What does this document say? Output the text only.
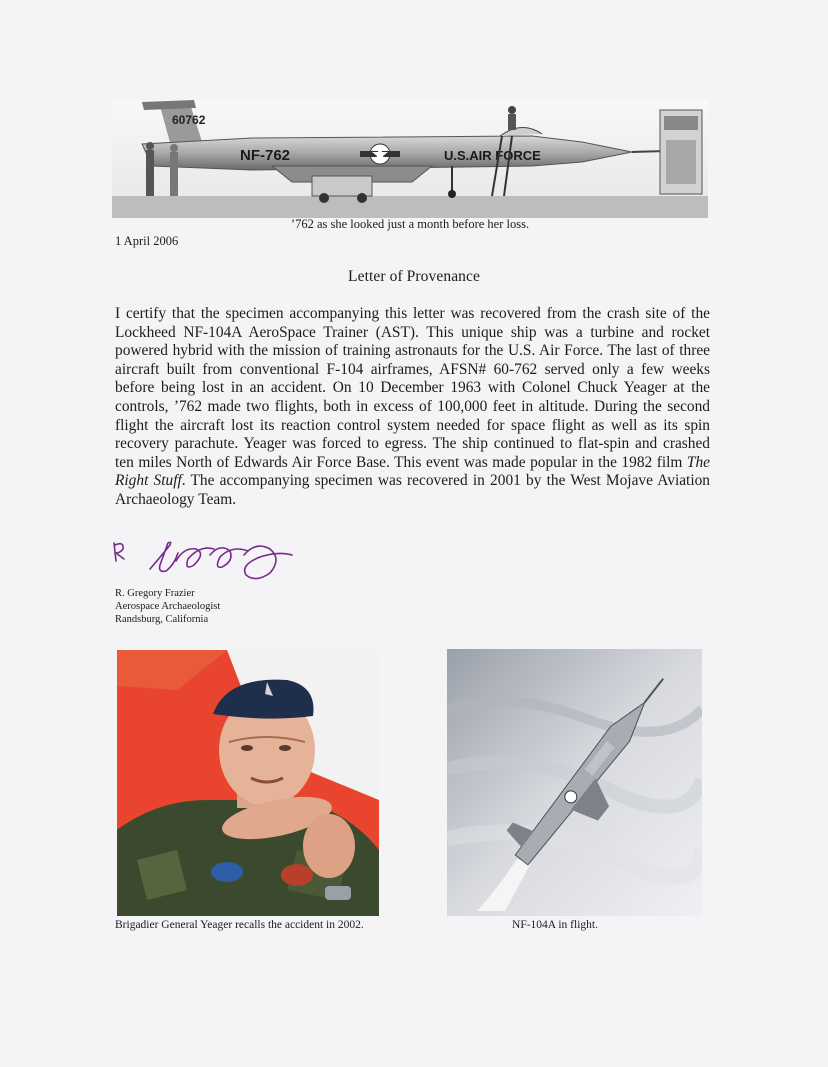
60762
NF-762	U.S.AIR FORCE
’762 as she looked just a month before her loss.
1 April 2006
Letter of Provenance
I certify that the specimen accompanying this letter was recovered from the crash site of the Lockheed NF-104A AeroSpace Trainer (AST). This unique ship was a turbine and rocket powered hybrid with the mission of training astronauts for the U.S. Air Force. The last of three aircraft built from conventional F-104 airframes, AFSN# 60-762 served only a few weeks before being lost in an accident. On 10 December 1963 with Colonel Chuck Yeager at the controls, ’762 made two flights, both in excess of 100,000 feet in altitude. During the second flight the aircraft lost its reaction control system needed for space flight as well as its spin recovery parachute. Yeager was forced to egress. The ship continued to flat-spin and crashed ten miles North of Edwards Air Force Base. This event was made popular in the 1982 film The Right Stuff. The accompanying specimen was recovered in 2001 by the West Mojave Aviation Archaeology Team.
R. Gregory Frazier
Aerospace Archaeologist
Randsburg, California
Brigadier General Yeager recalls the accident in 2002.	NF-104A in flight.
